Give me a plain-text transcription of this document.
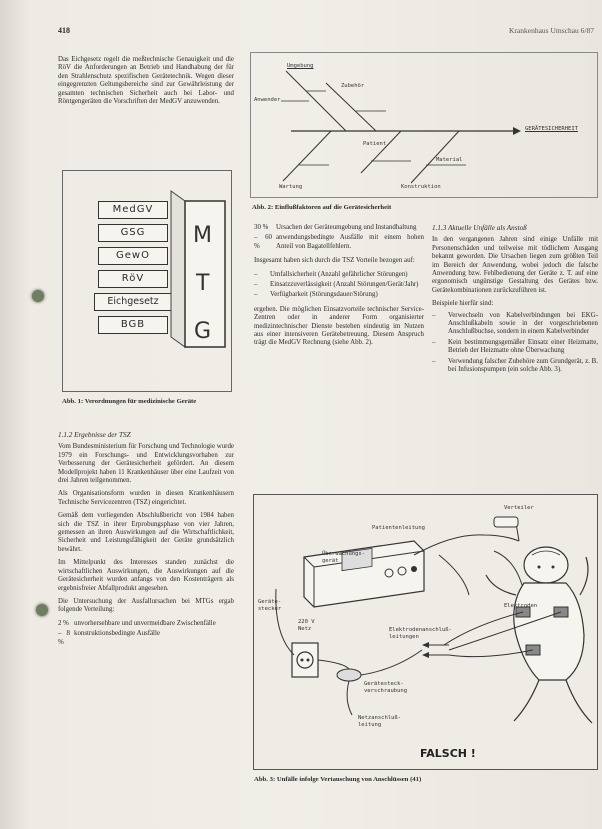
418	Krankenhaus Umschau 6/87

Das Eichgesetz regelt die meßtechnische Genauigkeit und die RöV die Anforderungen an Betrieb und Handhabung der für den Strahlenschutz spezifischen Gerätetechnik. Wegen dieser eingegrenzten Geltungsbereiche sind zur Gewährleistung der gesamten technischen Sicherheit auch bei Labor- und Röntgengeräten die Vorschriften der MedGV anzuwenden.

MedGV
GSG
GewO
RöV
Eichgesetz
BGB
M
T
G
Abb. 1: Verordnungen für medizinische Geräte
1.1.2 Ergebnisse der TSZ

Vom Bundesministerium für Forschung und Technologie wurde 1979 ein Forschungs- und Entwicklungsvorhaben zur Verbesserung der Gerätesicherheit gefördert. An diesem Modellprojekt haben 11 Krankenhäuser über eine Laufzeit von drei Jahren teilgenommen.

Als Organisationsform wurden in diesen Krankenhäusern Technische Servicezentren (TSZ) eingerichtet.

Gemäß dem vorliegenden Abschlußbericht von 1984 haben sich die TSZ in ihrer Erprobungsphase von vier Jahren, gemessen an ihren Auswirkungen auf die Wirtschaftlichkeit, Sicherheit und Leistungsfähigkeit der Geräte grundsätzlich bewährt.

Im Mittelpunkt des Interesses standen zunächst die wirtschaftlichen Auswirkungen, die Auswirkungen auf die Gerätesicherheit wurden anfangs von den Kostenträgern als ergebnisfreier Abfallprodukt angesehen.

Die Untersuchung der Ausfallursachen bei MTGs ergab folgende Verteilung:

2 % unvorhersehbare und unvermeidbare Zwischenfälle
– 8 %
konstruktionsbedingte Ausfälle
Umgebung
Zubehör
Anwender
Patient
Material
Wartung	Konstruktion
GERÄTESICHERHEIT
Abb. 2: Einflußfaktoren auf die Gerätesicherheit
30 %	Ursachen der Geräteumgebung und Instandhaltung
– 60 %
anwendungsbedingte Ausfälle mit einem hohen Anteil von Bagatellfehlern.

Insgesamt haben sich durch die TSZ Vorteile bezogen auf:

–	Umfallsicherheit (Anzahl gefährlicher Störungen)
–	Einsatzzuverlässigkeit (Anzahl Störungen/Gerät/Jahr)
–	Verfügbarkeit (Störungsdauer/Störung)

ergeben. Die möglichen Einsatzvorteile technischer Service-Zentren oder in anderer Form organisierter medizintechnischer Dienste bestehen eindeutig im Nutzen aus einer intensiveren Gerätebetreuung. Diesem Anspruch trägt die MedGV Rechnung (siehe Abb. 2).

1.1.3 Aktuelle Unfälle als Anstoß

In den vergangenen Jahren sind einige Unfälle mit Personenschäden und teilweise mit tödlichem Ausgang bekannt geworden. Die Ursachen liegen zum größten Teil im Bereich der Anwendung, wobei jedoch die falsche Anwendung bzw. Fehlbedienung der Geräte z. T. auf eine ergonomisch ungünstige Gestaltung des Gerätes bzw. Gerätekombinationen zurückzuführen ist.

Beispiele hierfür sind:

–	Verwechseln von Kabelverbindungen bei EKG-Anschlußkabeln sowie in der vorgeschriebenen Anschlußbuchse, sondern in einem Kabelverbinder
–	Kein bestimmungsgemäßer Einsatz einer Heizmatte, Betrieb der Heizmatte ohne Überwachung
–	Verwendung falscher Zubehöre zum Grundgerät, z. B. bei Infusionspumpen (ein solche Abb. 3).
Verteiler
Patientenleitung
Überwachungs-gerät
Geräte-stecker	Elektroden
220 V Netz	Elektrodenanschluß-leitungen
Gerätesteck-verschraubung
Netzanschluß-leitung
FALSCH !
Abb. 3: Unfälle infolge Vertauschung von Anschlüssen (41)
